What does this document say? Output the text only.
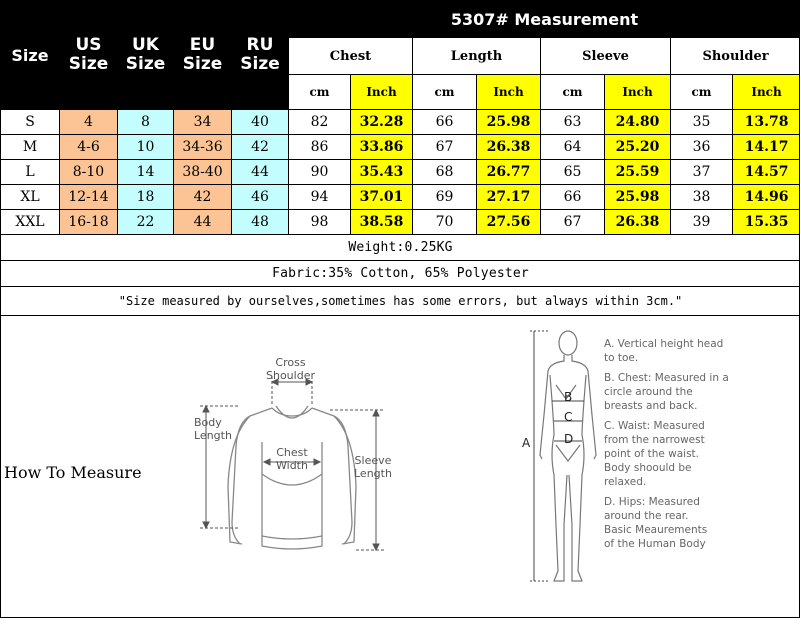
Size	US Size	UK Size	EU Size	RU Size	5307# Measurement							
					Chest		Length		Sleeve		Shoulder	
					cm	Inch	cm	Inch	cm	Inch	cm	Inch
S	4	8	34	40	82	32.28	66	25.98	63	24.80	35	13.78
M	4-6	10	34-36	42	86	33.86	67	26.38	64	25.20	36	14.17
L	8-10	14	38-40	44	90	35.43	68	26.77	65	25.59	37	14.57
XL	12-14	18	42	46	94	37.01	69	27.17	66	25.98	38	14.96
XXL	16-18	22	44	48	98	38.58	70	27.56	67	26.38	39	15.35
Weight:0.25KG												
Fabric:35% Cotton, 65% Polyester												
"Size measured by ourselves,sometimes has some errors, but always within 3cm."												
How To Measure
Cross
Shoulder
Body
Length
Chest
Width	Sleeve
Length
A
B
C
D
A. Vertical height head
to toe.
B. Chest: Measured in a
circle around the
breasts and back.
C. Waist: Measured
from the narrowest
point of the waist.
Body shoould be
relaxed.
D. Hips: Measured
around the rear.
Basic Meaurements
of the Human Body
